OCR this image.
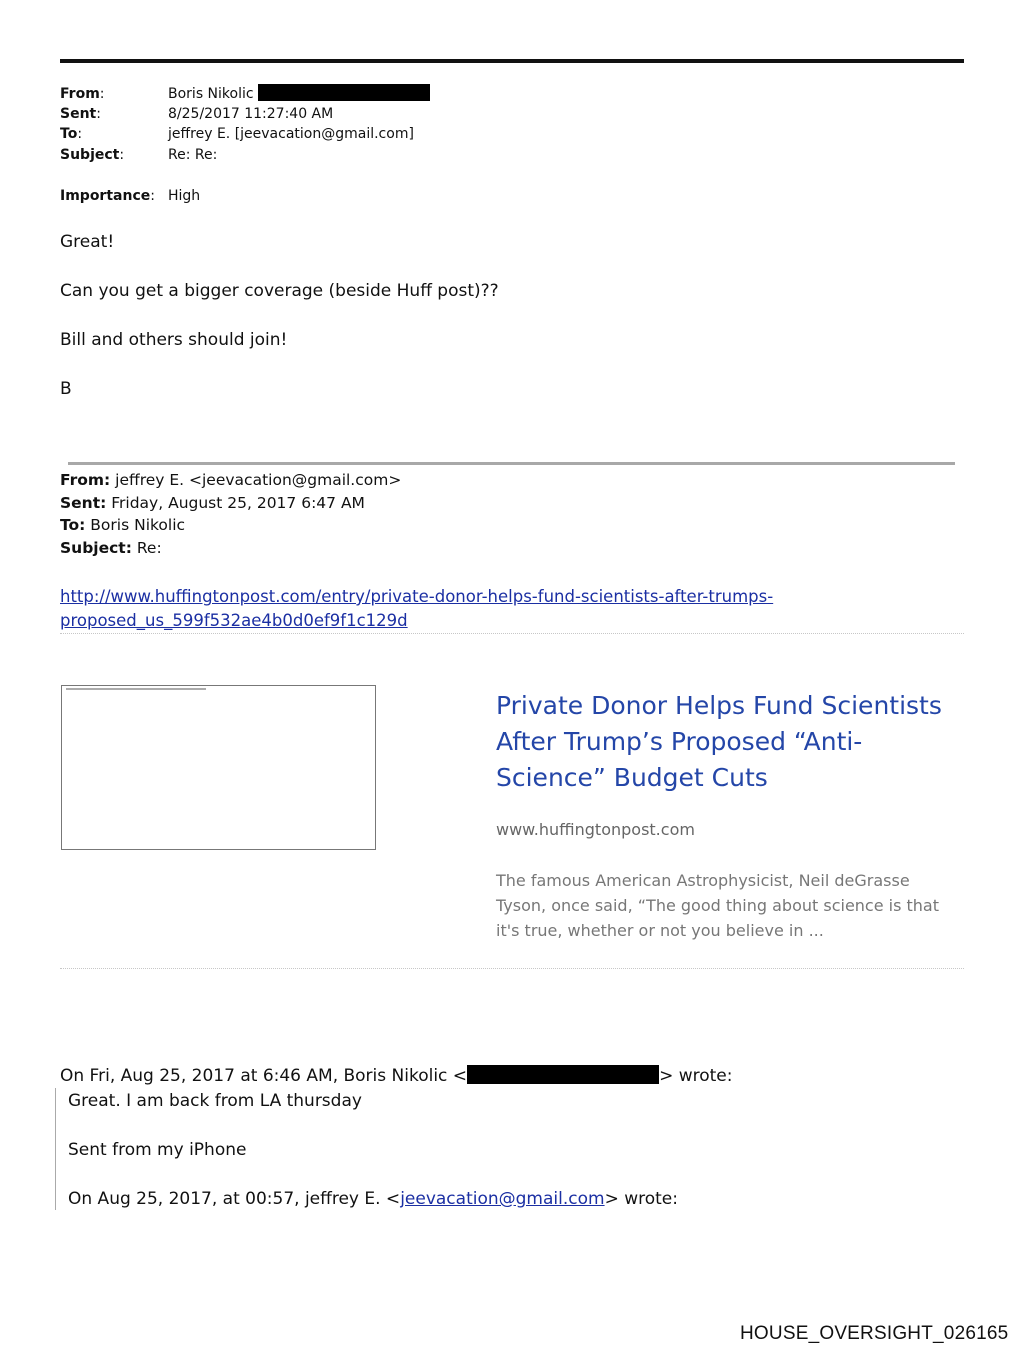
From:	Boris Nikolic
Sent:	8/25/2017 11:27:40 AM
To:	jeffrey E. [jeevacation@gmail.com]
Subject:	Re: Re:
Importance: High
Great!
Can you get a bigger coverage (beside Huff post)??
Bill and others should join!
B
From: jeffrey E. <jeevacation@gmail.com>
Sent: Friday, August 25, 2017 6:47 AM
To: Boris Nikolic
Subject: Re:
http://www.huffingtonpost.com/entry/private-donor-helps-fund-scientists-after-trumps-
proposed_us_599f532ae4b0d0ef9f1c129d
Private Donor Helps Fund Scientists After Trump’s Proposed “Anti-Science” Budget Cuts
www.huffingtonpost.com
The famous American Astrophysicist, Neil deGrasse Tyson, once said, “The good thing about science is that it's true, whether or not you believe in ...
On Fri, Aug 25, 2017 at 6:46 AM, Boris Nikolic <	> wrote:
Great. I am back from LA thursday
Sent from my iPhone
On Aug 25, 2017, at 00:57, jeffrey E. <jeevacation@gmail.com> wrote:
HOUSE_OVERSIGHT_026165
